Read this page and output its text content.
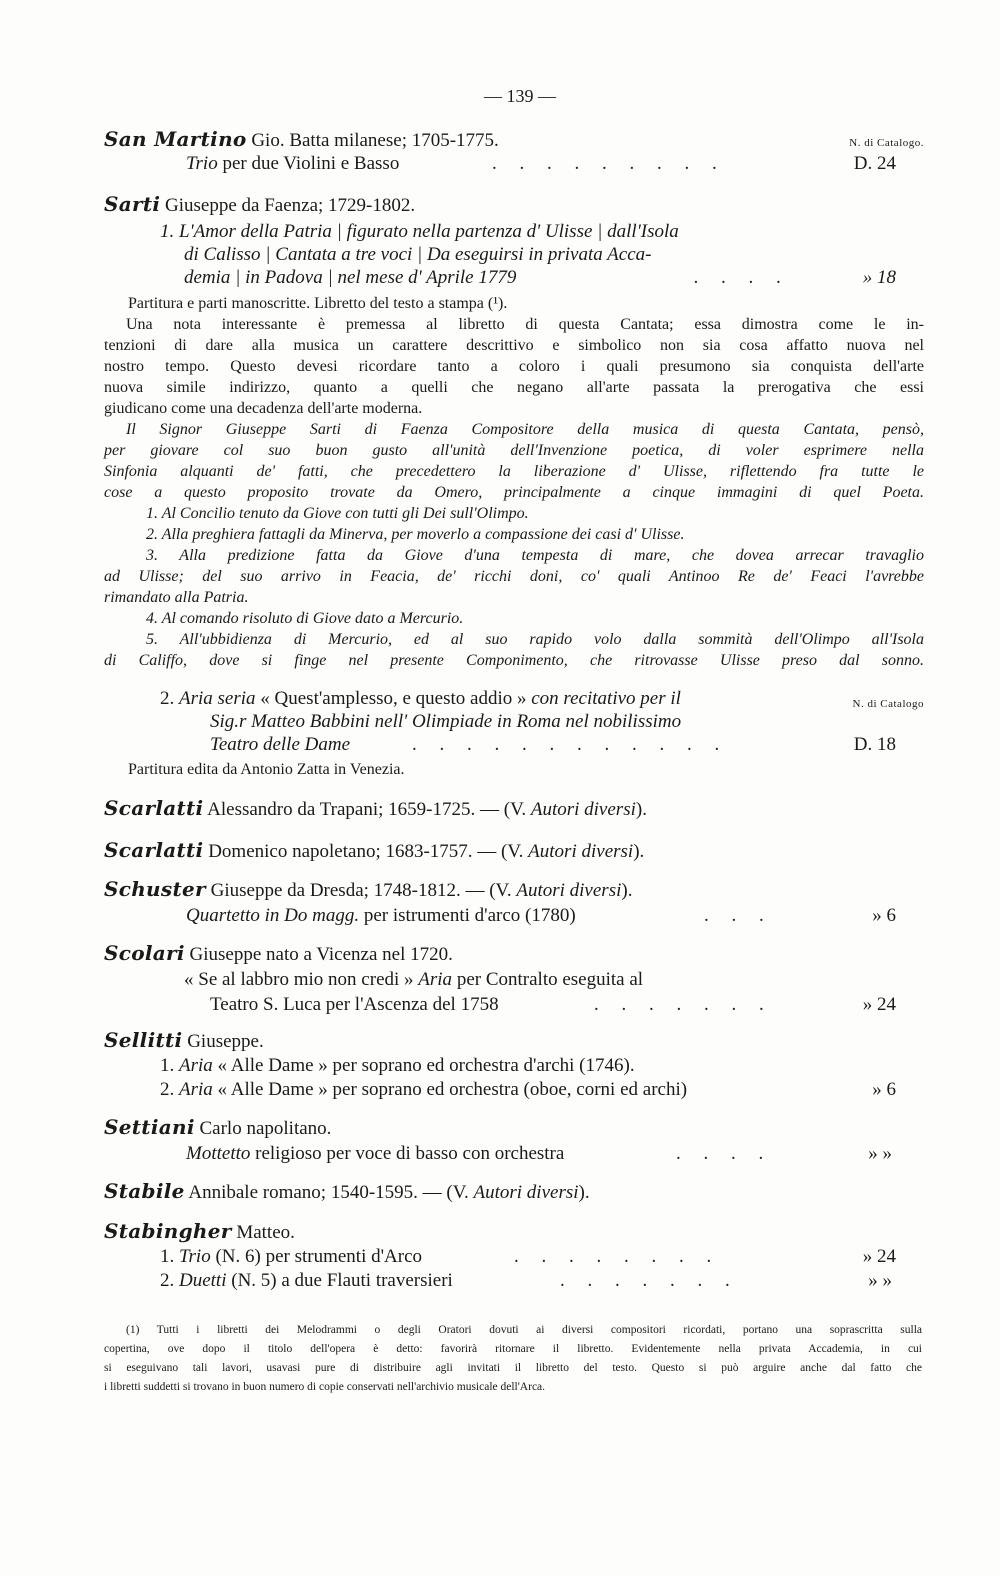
— 139 —
San Martino Gio. Batta milanese; 1705-1775.	N. di Catalogo.
Trio per due Violini e Basso	. . . . . . . . .	D. 24
Sarti Giuseppe da Faenza; 1729-1802.
1. L'Amor della Patria | figurato nella partenza d' Ulisse | dall'Isola
di Calisso | Cantata a tre voci | Da eseguirsi in privata Acca-
demia | in Padova | nel mese d' Aprile 1779	. . . .	» 18

Partitura e parti manoscritte. Libretto del testo a stampa (¹).

Una nota interessante è premessa al libretto di questa Cantata; essa dimostra come le in-

tenzioni di dare alla musica un carattere descrittivo e simbolico non sia cosa affatto nuova nel

nostro tempo. Questo devesi ricordare tanto a coloro i quali presumono sia conquista dell'arte

nuova simile indirizzo, quanto a quelli che negano all'arte passata la prerogativa che essi

giudicano come una decadenza dell'arte moderna.

Il Signor Giuseppe Sarti di Faenza Compositore della musica di questa Cantata, pensò,

per giovare col suo buon gusto all'unità dell'Invenzione poetica, di voler esprimere nella

Sinfonia alquanti de' fatti, che precedettero la liberazione d' Ulisse, riflettendo fra tutte le

cose a questo proposito trovate da Omero, principalmente a cinque immagini di quel Poeta.

1. Al Concilio tenuto da Giove con tutti gli Dei sull'Olimpo.

2. Alla preghiera fattagli da Minerva, per moverlo a compassione dei casi d' Ulisse.

3. Alla predizione fatta da Giove d'una tempesta di mare, che dovea arrecar travaglio

ad Ulisse; del suo arrivo in Feacia, de' ricchi doni, co' quali Antinoo Re de' Feaci l'avrebbe

rimandato alla Patria.

4. Al comando risoluto di Giove dato a Mercurio.

5. All'ubbidienza di Mercurio, ed al suo rapido volo dalla sommità dell'Olimpo all'Isola

di Califfo, dove si finge nel presente Componimento, che ritrovasse Ulisse preso dal sonno.

2. Aria seria « Quest'amplesso, e questo addio » con recitativo per il	N. di Catalogo
Sig.r Matteo Babbini nell' Olimpiade in Roma nel nobilissimo
Teatro delle Dame	. . . . . . . . . . . .	D. 18
Partitura edita da Antonio Zatta in Venezia.
Scarlatti Alessandro da Trapani; 1659-1725. — (V. Autori diversi).
Scarlatti Domenico napoletano; 1683-1757. — (V. Autori diversi).
Schuster Giuseppe da Dresda; 1748-1812. — (V. Autori diversi).
Quartetto in Do magg. per istrumenti d'arco (1780)	. . .	» 6
Scolari Giuseppe nato a Vicenza nel 1720.
« Se al labbro mio non credi » Aria per Contralto eseguita al
Teatro S. Luca per l'Ascenza del 1758	. . . . . . .	» 24
Sellitti Giuseppe.
1. Aria « Alle Dame » per soprano ed orchestra d'archi (1746).
2. Aria « Alle Dame » per soprano ed orchestra (oboe, corni ed archi)	» 6
Settiani Carlo napolitano.
Mottetto religioso per voce di basso con orchestra	. . . .	» »
Stabile Annibale romano; 1540-1595. — (V. Autori diversi).
Stabingher Matteo.
1. Trio (N. 6) per strumenti d'Arco	. . . . . . . .	» 24
2. Duetti (N. 5) a due Flauti traversieri	. . . . . . .	» »

(1) Tutti i libretti dei Melodrammi o degli Oratori dovuti ai diversi compositori ricordati, portano una soprascritta sulla

copertina, ove dopo il titolo dell'opera è detto: favorirà ritornare il libretto. Evidentemente nella privata Accademia, in cui

si eseguivano tali lavori, usavasi pure di distribuire agli invitati il libretto del testo. Questo si può arguire anche dal fatto che

i libretti suddetti si trovano in buon numero di copie conservati nell'archivio musicale dell'Arca.
